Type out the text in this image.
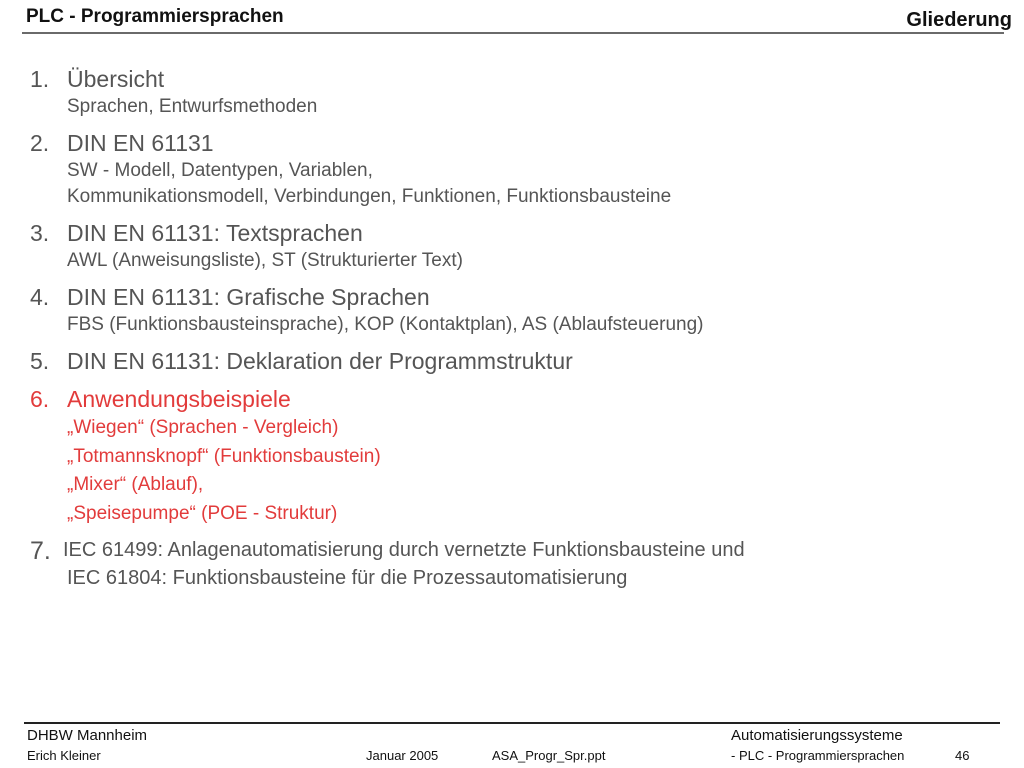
PLC - Programmiersprachen	Gliederung
1. Übersicht
Sprachen, Entwurfsmethoden
2. DIN EN 61131
SW - Modell, Datentypen, Variablen,
Kommunikationsmodell, Verbindungen, Funktionen, Funktionsbausteine
3. DIN EN 61131: Textsprachen
AWL (Anweisungsliste), ST (Strukturierter Text)
4. DIN EN 61131: Grafische Sprachen
FBS (Funktionsbausteinsprache), KOP (Kontaktplan), AS (Ablaufsteuerung)
5. DIN EN 61131: Deklaration der Programmstruktur
6. Anwendungsbeispiele
„Wiegen“ (Sprachen - Vergleich)
„Totmannsknopf“ (Funktionsbaustein)
„Mixer“ (Ablauf),
„Speisepumpe“ (POE - Struktur)
7. IEC 61499: Anlagenautomatisierung durch vernetzte Funktionsbausteine und
IEC 61804: Funktionsbausteine für die Prozessautomatisierung
DHBW Mannheim
Erich Kleiner	Januar 2005	ASA_Progr_Spr.ppt
Automatisierungssysteme
- PLC - Programmiersprachen	46
